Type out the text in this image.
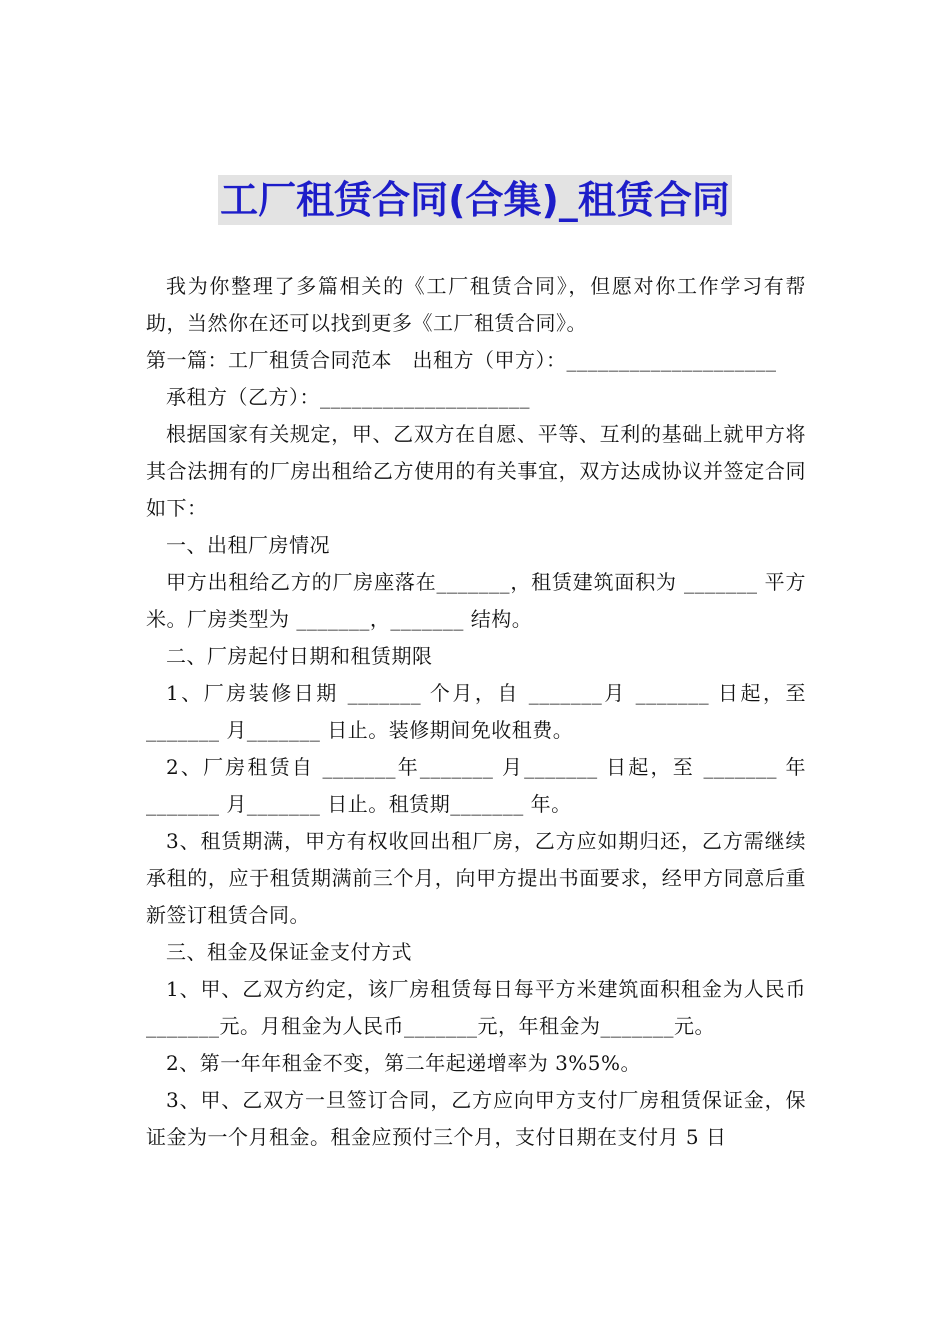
工厂租赁合同(合集)_租赁合同

我为你整理了多篇相关的《工厂租赁合同》，但愿对你工作学习有帮助，当然你在还可以找到更多《工厂租赁合同》。

第一篇：工厂租赁合同范本　出租方（甲方）：____________________

承租方（乙方）：____________________

根据国家有关规定，甲、乙双方在自愿、平等、互利的基础上就甲方将其合法拥有的厂房出租给乙方使用的有关事宜，双方达成协议并签定合同如下：

一、出租厂房情况

甲方出租给乙方的厂房座落在_______，租赁建筑面积为 _______ 平方米。厂房类型为 _______，_______ 结构。

二、厂房起付日期和租赁期限

1、厂房装修日期 _______ 个月，自 _______月 _______ 日起，至 _______ 月_______ 日止。装修期间免收租费。

2、厂房租赁自 _______年_______ 月_______ 日起，至 _______ 年 _______ 月_______ 日止。租赁期_______ 年。

3、租赁期满，甲方有权收回出租厂房，乙方应如期归还，乙方需继续承租的，应于租赁期满前三个月，向甲方提出书面要求，经甲方同意后重新签订租赁合同。

三、租金及保证金支付方式

1、甲、乙双方约定，该厂房租赁每日每平方米建筑面积租金为人民币 _______元。月租金为人民币_______元，年租金为_______元。

2、第一年年租金不变，第二年起递增率为 3%5%。

3、甲、乙双方一旦签订合同，乙方应向甲方支付厂房租赁保证金，保证金为一个月租金。租金应预付三个月，支付日期在支付月 5 日
